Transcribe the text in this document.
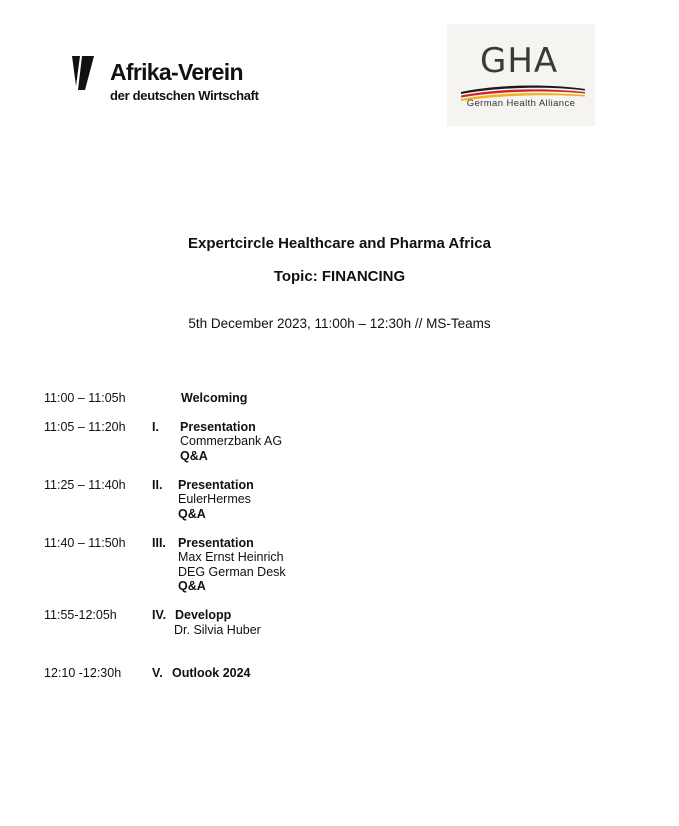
Afrika-Verein
der deutschen Wirtschaft
GHA
German Health Alliance
Expertcircle Healthcare and Pharma Africa
Topic: FINANCING
5th December 2023, 11:00h – 12:30h // MS-Teams
11:00 – 11:05h	Welcoming
11:05 – 11:20h I. Presentation
Commerzbank AG
Q&A
11:25 – 11:40h II. Presentation
EulerHermes
Q&A
11:40 – 11:50h III. Presentation
Max Ernst Heinrich
DEG German Desk
Q&A
11:55-12:05h	IV. Developp
Dr. Silvia Huber
12:10 -12:30h V. Outlook 2024
